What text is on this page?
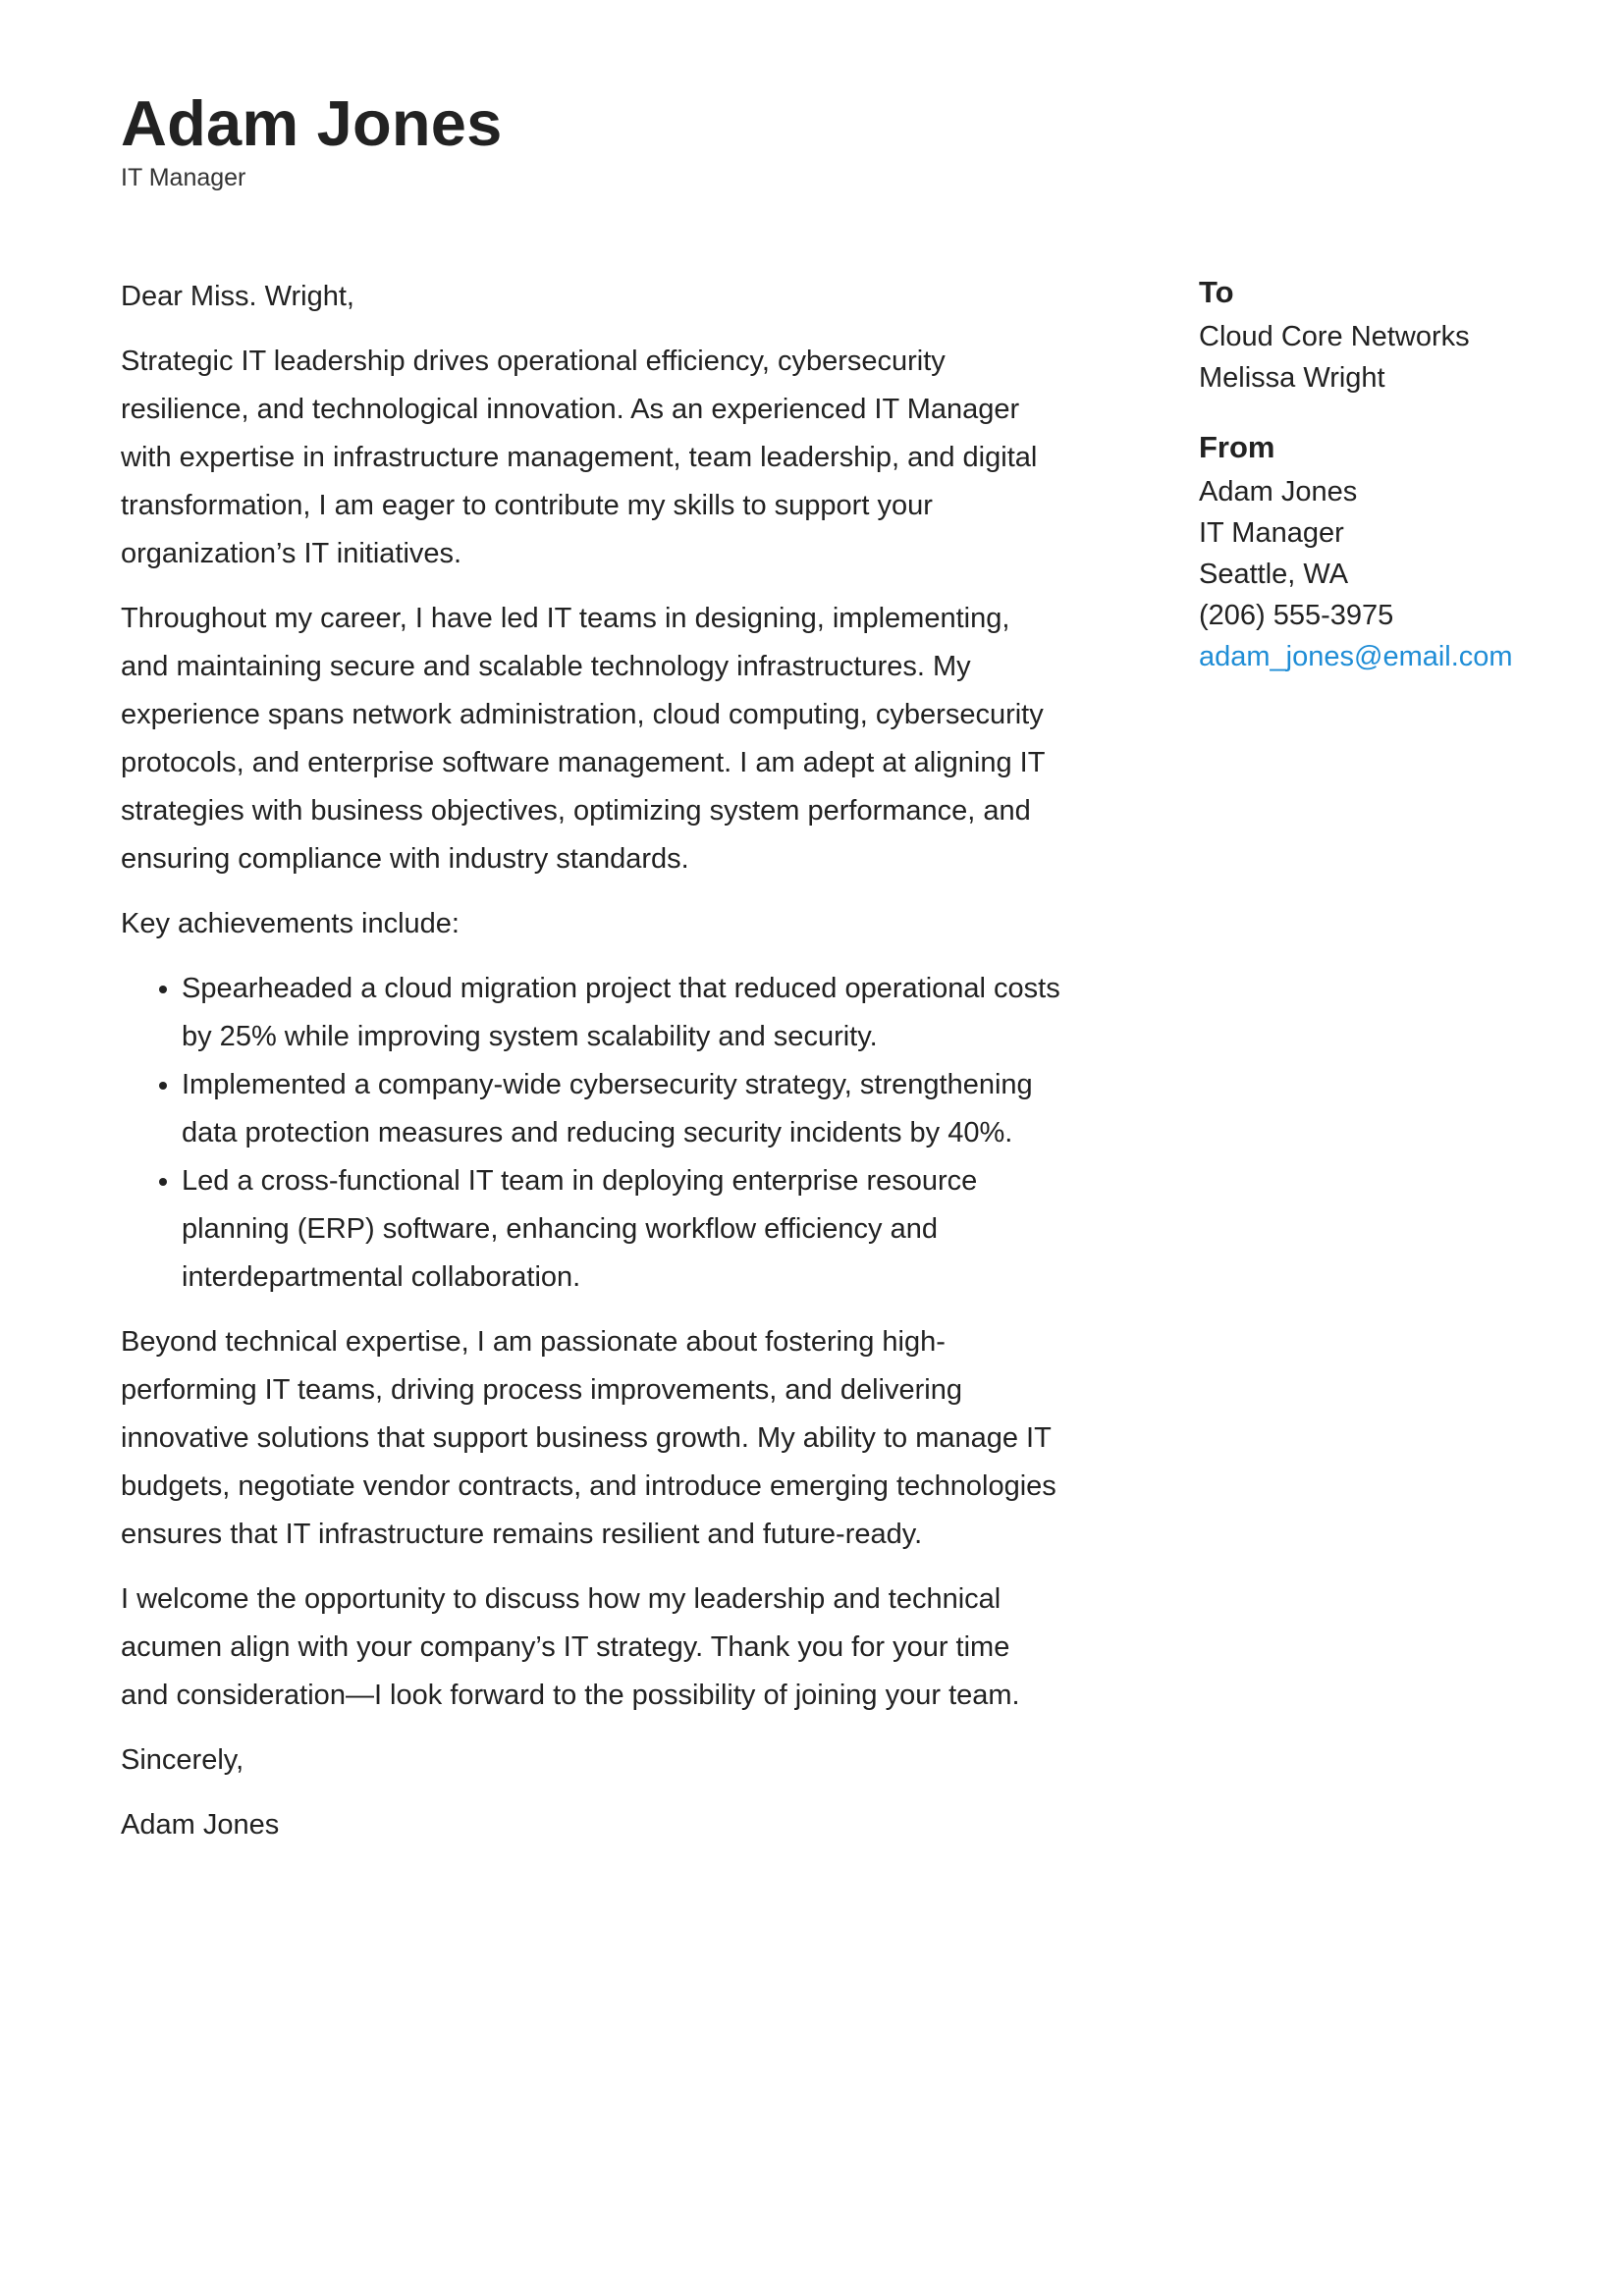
Adam Jones

IT Manager

Dear Miss. Wright,

Strategic IT leadership drives operational efficiency, cybersecurity resilience, and technological innovation. As an experienced IT Manager with expertise in infrastructure management, team leadership, and digital transformation, I am eager to contribute my skills to support your organization’s IT initiatives.

Throughout my career, I have led IT teams in designing, implementing, and maintaining secure and scalable technology infrastructures. My experience spans network administration, cloud computing, cybersecurity protocols, and enterprise software management. I am adept at aligning IT strategies with business objectives, optimizing system performance, and ensuring compliance with industry standards.

Key achievements include:

• Spearheaded a cloud migration project that reduced operational costs by 25% while improving system scalability and security.
• Implemented a company-wide cybersecurity strategy, strengthening data protection measures and reducing security incidents by 40%.
• Led a cross-functional IT team in deploying enterprise resource planning (ERP) software, enhancing workflow efficiency and interdepartmental collaboration.

Beyond technical expertise, I am passionate about fostering high-performing IT teams, driving process improvements, and delivering innovative solutions that support business growth. My ability to manage IT budgets, negotiate vendor contracts, and introduce emerging technologies ensures that IT infrastructure remains resilient and future-ready.

I welcome the opportunity to discuss how my leadership and technical acumen align with your company’s IT strategy. Thank you for your time and consideration—I look forward to the possibility of joining your team.

Sincerely,

Adam Jones

To

Cloud Core Networks

Melissa Wright

From

Adam Jones

IT Manager

Seattle, WA

(206) 555-3975

adam_jones@email.com
